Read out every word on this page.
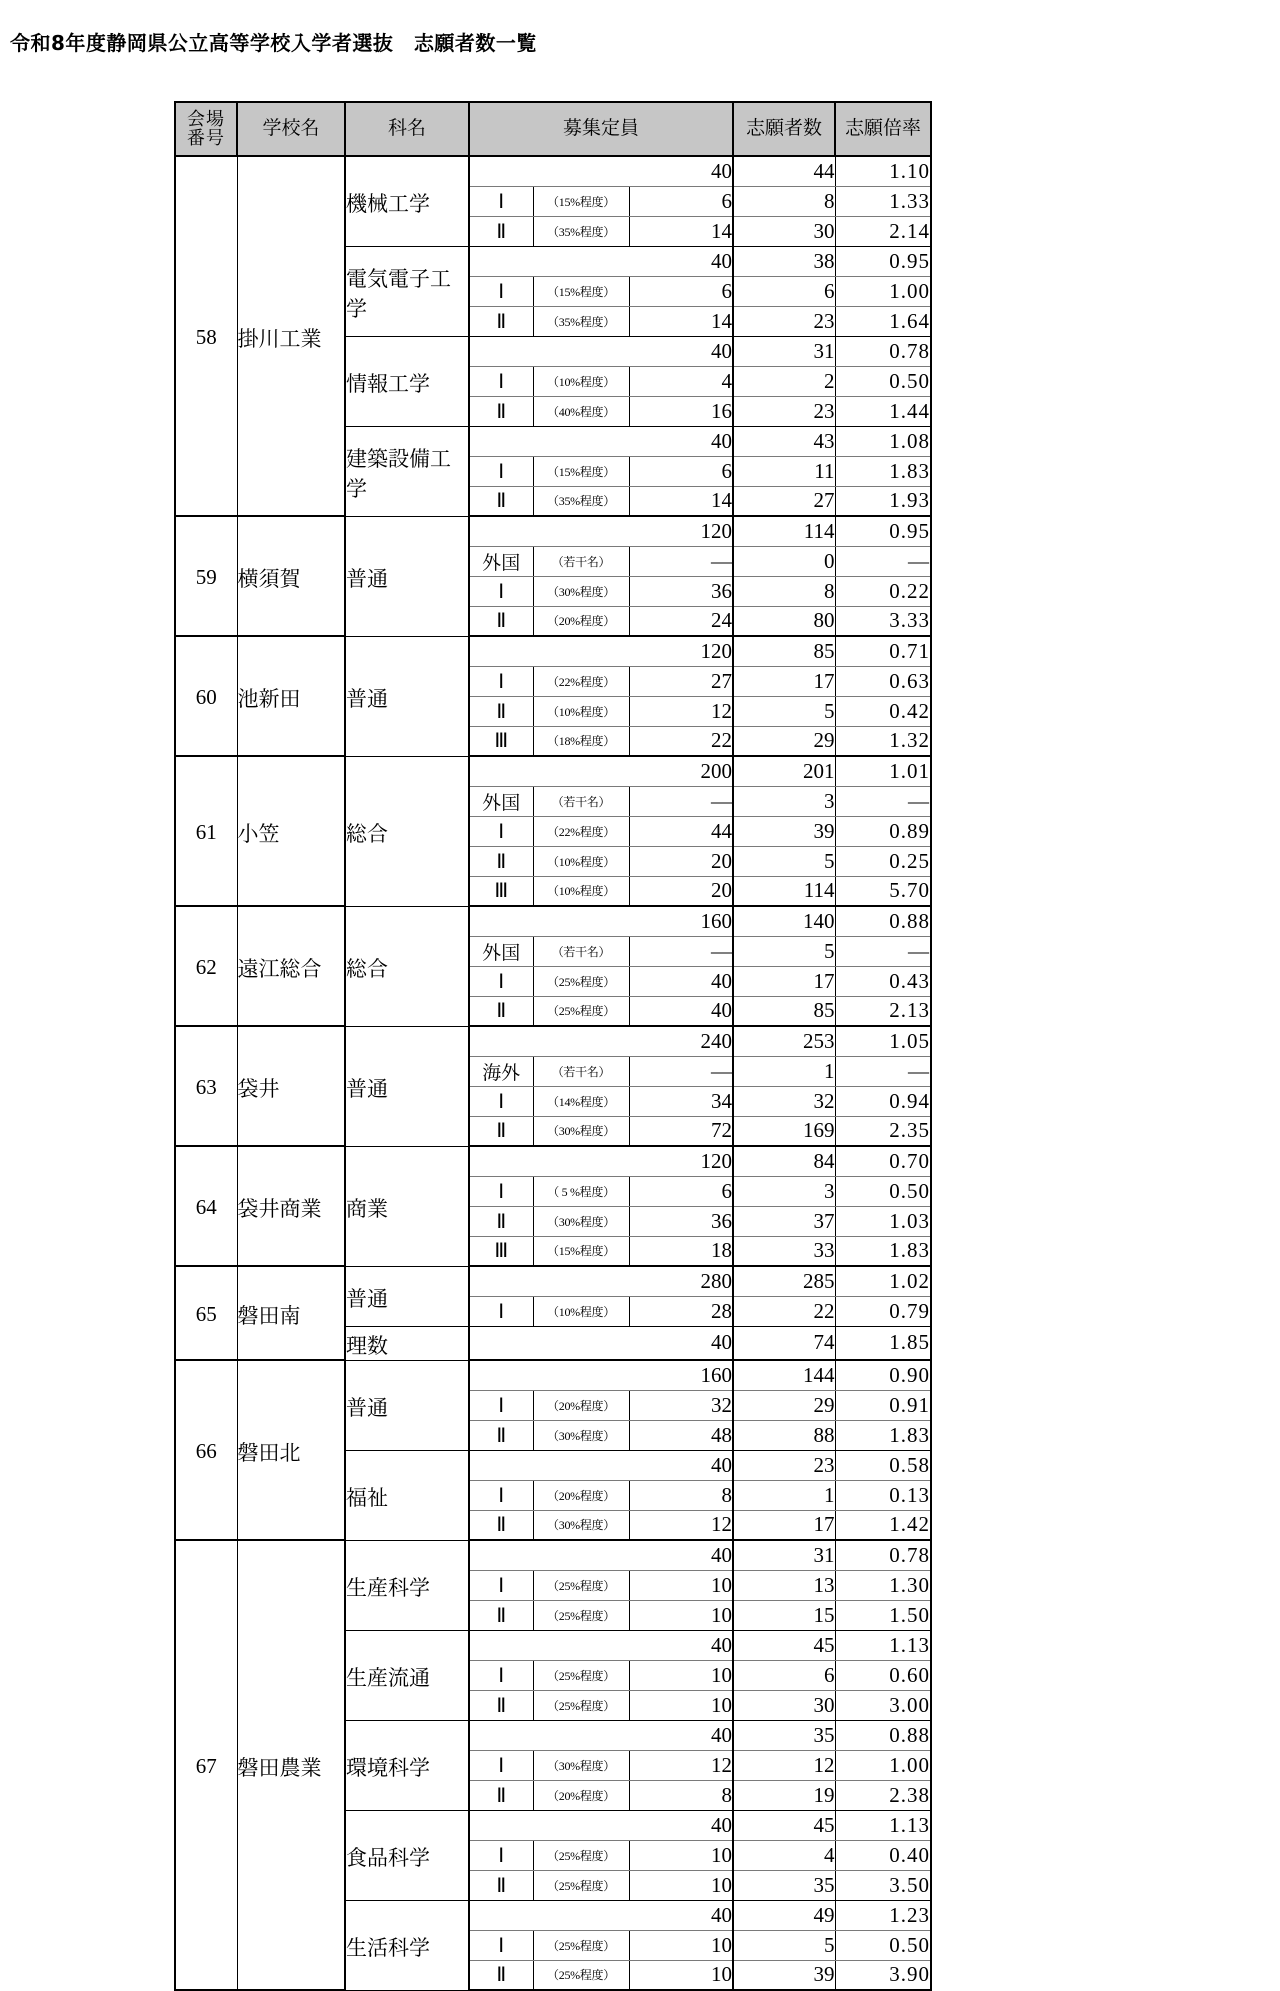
令和8年度静岡県公立高等学校入学者選抜　志願者数一覧
会場
番号	学校名	科名	募集定員			志願者数	志願倍率

58	掛川工業	機械工学			40	44	1.10
			Ⅰ	（15%程度）	6	8	1.33
			Ⅱ	（35%程度）	14	30	2.14

		電気電子工学			40	38	0.95
			Ⅰ	（15%程度）	6	6	1.00
			Ⅱ	（35%程度）	14	23	1.64

		情報工学			40	31	0.78
			Ⅰ	（10%程度）	4	2	0.50
			Ⅱ	（40%程度）	16	23	1.44

		建築設備工学			40	43	1.08
			Ⅰ	（15%程度）	6	11	1.83
			Ⅱ	（35%程度）	14	27	1.93

59	横須賀	普通			120	114	0.95
			外国	（若干名）	—	0	—
			Ⅰ	（30%程度）	36	8	0.22
			Ⅱ	（20%程度）	24	80	3.33

60	池新田	普通			120	85	0.71
			Ⅰ	（22%程度）	27	17	0.63
			Ⅱ	（10%程度）	12	5	0.42
			Ⅲ	（18%程度）	22	29	1.32

61	小笠	総合			200	201	1.01
			外国	（若干名）	—	3	—
			Ⅰ	（22%程度）	44	39	0.89
			Ⅱ	（10%程度）	20	5	0.25
			Ⅲ	（10%程度）	20	114	5.70

62	遠江総合	総合			160	140	0.88
			外国	（若干名）	—	5	—
			Ⅰ	（25%程度）	40	17	0.43
			Ⅱ	（25%程度）	40	85	2.13

63	袋井	普通			240	253	1.05
			海外	（若干名）	—	1	—
			Ⅰ	（14%程度）	34	32	0.94
			Ⅱ	（30%程度）	72	169	2.35

64	袋井商業	商業			120	84	0.70
			Ⅰ	（ 5 %程度）	6	3	0.50
			Ⅱ	（30%程度）	36	37	1.03
			Ⅲ	（15%程度）	18	33	1.83

65	磐田南	普通			280	285	1.02
			Ⅰ	（10%程度）	28	22	0.79

		理数			40	74	1.85

66	磐田北	普通			160	144	0.90
			Ⅰ	（20%程度）	32	29	0.91
			Ⅱ	（30%程度）	48	88	1.83

		福祉			40	23	0.58
			Ⅰ	（20%程度）	8	1	0.13
			Ⅱ	（30%程度）	12	17	1.42

67	磐田農業	生産科学			40	31	0.78
			Ⅰ	（25%程度）	10	13	1.30
			Ⅱ	（25%程度）	10	15	1.50

		生産流通			40	45	1.13
			Ⅰ	（25%程度）	10	6	0.60
			Ⅱ	（25%程度）	10	30	3.00

		環境科学			40	35	0.88
			Ⅰ	（30%程度）	12	12	1.00
			Ⅱ	（20%程度）	8	19	2.38

		食品科学			40	45	1.13
			Ⅰ	（25%程度）	10	4	0.40
			Ⅱ	（25%程度）	10	35	3.50

		生活科学			40	49	1.23
			Ⅰ	（25%程度）	10	5	0.50
			Ⅱ	（25%程度）	10	39	3.90
